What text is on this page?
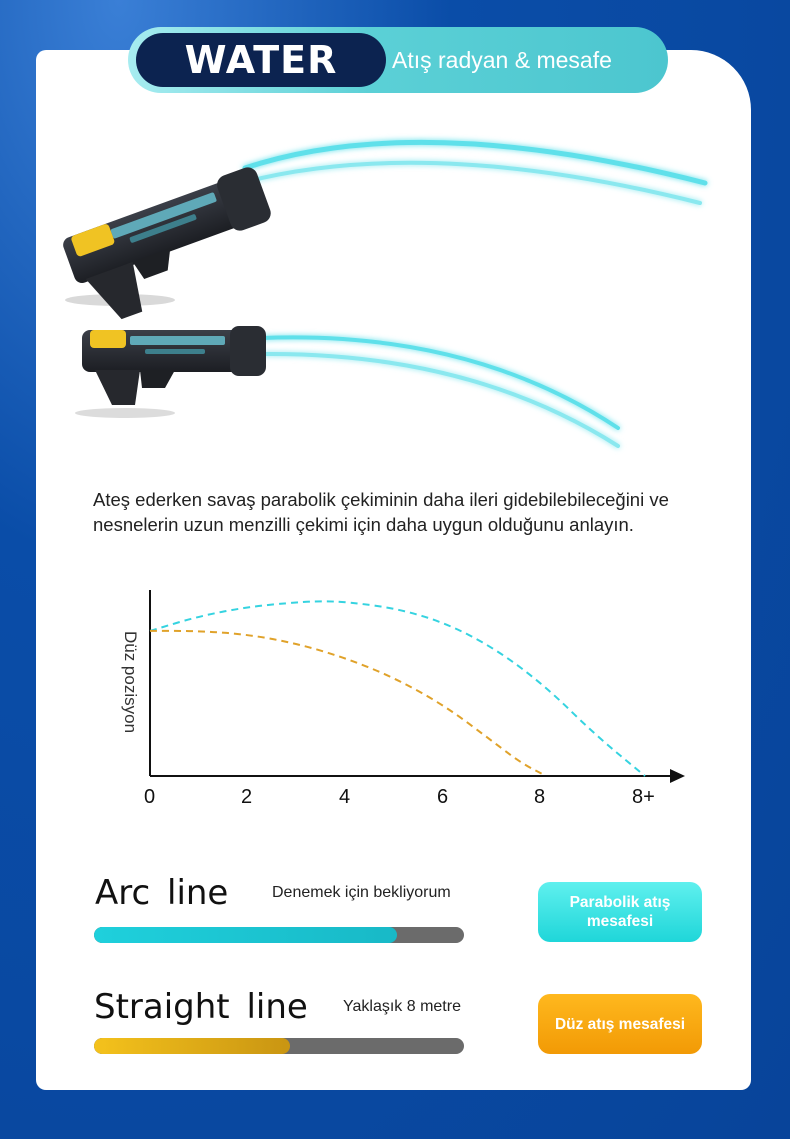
WATER GUN
Atış radyan & mesafe
Ateş ederken savaş parabolik çekiminin daha ileri gidebilebileceğini ve nesnelerin uzun menzilli çekimi için daha uygun olduğunu anlayın.
Düz pozisyon
0	2	4	6	8	8+
Arc line	Denemek için bekliyorum
Parabolik atış mesafesi
Straight line Yaklaşık 8 metre
Düz atış mesafesi
